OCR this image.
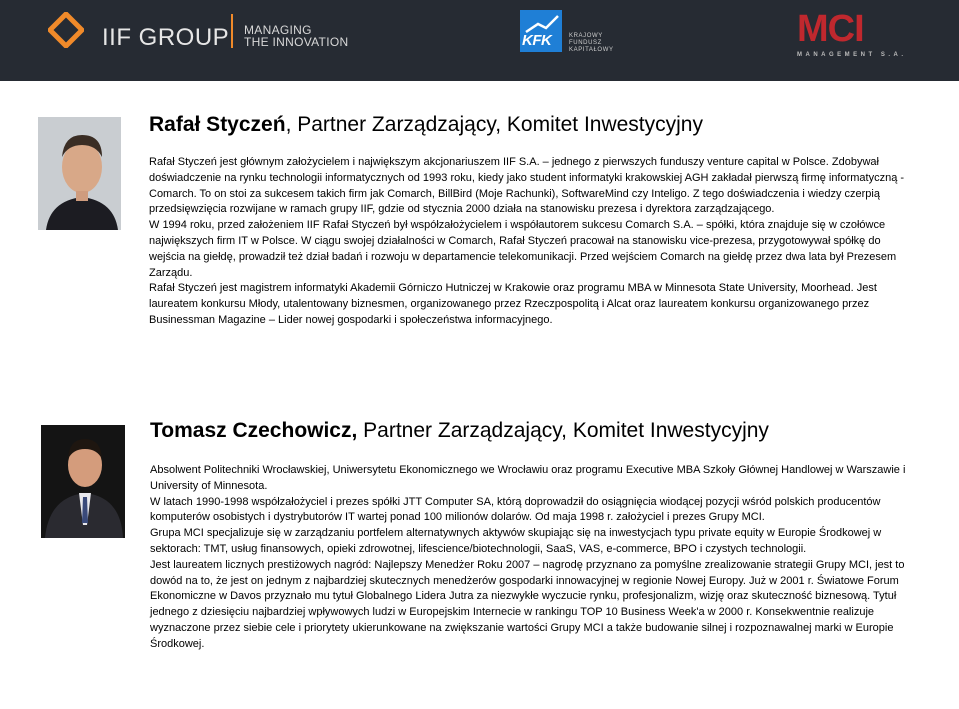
IIF GROUP MANAGING
THE INNOVATION	KFK	KRAJOWY
FUNDUSZ
KAPITAŁOWY	MCI
MANAGEMENT S.A.
Rafał Styczeń, Partner Zarządzający, Komitet Inwestycyjny

Rafał Styczeń jest głównym założycielem i największym akcjonariuszem IIF S.A. – jednego z pierwszych funduszy venture capital w Polsce. Zdobywał doświadczenie na rynku technologii informatycznych od 1993 roku, kiedy jako student informatyki krakowskiej AGH zakładał pierwszą firmę informatyczną - Comarch. To on stoi za sukcesem takich firm jak Comarch, BillBird (Moje Rachunki), SoftwareMind czy Inteligo. Z tego doświadczenia i wiedzy czerpią przedsięwzięcia rozwijane w ramach grupy IIF, gdzie od stycznia 2000 działa na stanowisku prezesa i dyrektora zarządzającego.

W 1994 roku, przed założeniem IIF Rafał Styczeń był współzałożycielem i współautorem sukcesu Comarch S.A. – spółki, która znajduje się w czołówce największych firm IT w Polsce. W ciągu swojej działalności w Comarch, Rafał Styczeń pracował na stanowisku vice-prezesa, przygotowywał spółkę do wejścia na giełdę, prowadził też dział badań i rozwoju w departamencie telekomunikacji. Przed wejściem Comarch na giełdę przez dwa lata był Prezesem Zarządu.

Rafał Styczeń jest magistrem informatyki Akademii Górniczo Hutniczej w Krakowie oraz programu MBA w Minnesota State University, Moorhead. Jest laureatem konkursu Młody, utalentowany biznesmen, organizowanego przez Rzeczpospolitą i Alcat oraz laureatem konkursu organizowanego przez Businessman Magazine – Lider nowej gospodarki i społeczeństwa informacyjnego.

Tomasz Czechowicz, Partner Zarządzający, Komitet Inwestycyjny

Absolwent Politechniki Wrocławskiej, Uniwersytetu Ekonomicznego we Wrocławiu oraz programu Executive MBA Szkoły Głównej Handlowej w Warszawie i University of Minnesota.

W latach 1990-1998 współzałożyciel i prezes spółki JTT Computer SA, którą doprowadził do osiągnięcia wiodącej pozycji wśród polskich producentów komputerów osobistych i dystrybutorów IT wartej ponad 100 milionów dolarów. Od maja 1998 r. założyciel i prezes Grupy MCI.

Grupa MCI specjalizuje się w zarządzaniu portfelem alternatywnych aktywów skupiając się na inwestycjach typu private equity w Europie Środkowej w sektorach: TMT, usług finansowych, opieki zdrowotnej, lifescience/biotechnologii, SaaS, VAS, e-commerce, BPO i czystych technologii.

Jest laureatem licznych prestiżowych nagród: Najlepszy Menedżer Roku 2007 – nagrodę przyznano za pomyślne zrealizowanie strategii Grupy MCI, jest to dowód na to, że jest on jednym z najbardziej skutecznych menedżerów gospodarki innowacyjnej w regionie Nowej Europy. Już w 2001 r. Światowe Forum Ekonomiczne w Davos przyznało mu tytuł Globalnego Lidera Jutra za niezwykłe wyczucie rynku, profesjonalizm, wizję oraz skuteczność biznesową. Tytuł jednego z dziesięciu najbardziej wpływowych ludzi w Europejskim Internecie w rankingu TOP 10 Business Week'a w 2000 r. Konsekwentnie realizuje wyznaczone przez siebie cele i priorytety ukierunkowane na zwiększanie wartości Grupy MCI a także budowanie silnej i rozpoznawalnej marki w Europie Środkowej.
